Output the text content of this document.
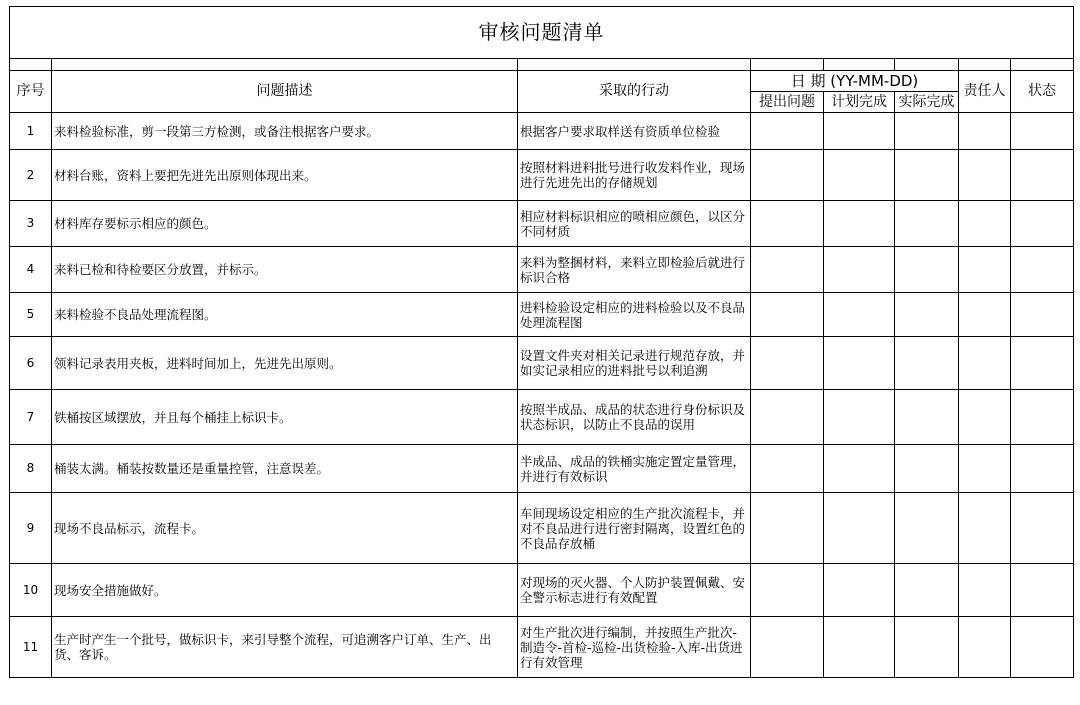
审核问题清单							

序号	问题描述	采取的行动	日 期 (YY-MM-DD)			责任人	状态
			提出问题	计划完成	实际完成		
1	来料检验标准，剪一段第三方检测，或备注根据客户要求。	根据客户要求取样送有资质单位检验					
2	材料台账，资料上要把先进先出原则体现出来。	按照材料进料批号进行收发料作业，现场进行先进先出的存储规划					
3	材料库存要标示相应的颜色。	相应材料标识相应的喷相应颜色，以区分不同材质					
4	来料已检和待检要区分放置，并标示。	来料为整捆材料，来料立即检验后就进行标识合格					
5	来料检验不良品处理流程图。	进料检验设定相应的进料检验以及不良品处理流程图					
6	领料记录表用夹板，进料时间加上，先进先出原则。	设置文件夹对相关记录进行规范存放，并如实记录相应的进料批号以利追溯					
7	铁桶按区域摆放，并且每个桶挂上标识卡。	按照半成品、成品的状态进行身份标识及状态标识，以防止不良品的误用					
8	桶装太满。桶装按数量还是重量控管，注意误差。	半成品、成品的铁桶实施定置定量管理，并进行有效标识					
9	现场不良品标示，流程卡。	车间现场设定相应的生产批次流程卡，并对不良品进行进行密封隔离，设置红色的不良品存放桶					
10	现场安全措施做好。	对现场的灭火器、个人防护装置佩戴、安全警示标志进行有效配置					
11	生产时产生一个批号，做标识卡，来引导整个流程，可追溯客户订单、生产、出货、客诉。	对生产批次进行编制，并按照生产批次-制造令-首检-巡检-出货检验-入库-出货进行有效管理					
